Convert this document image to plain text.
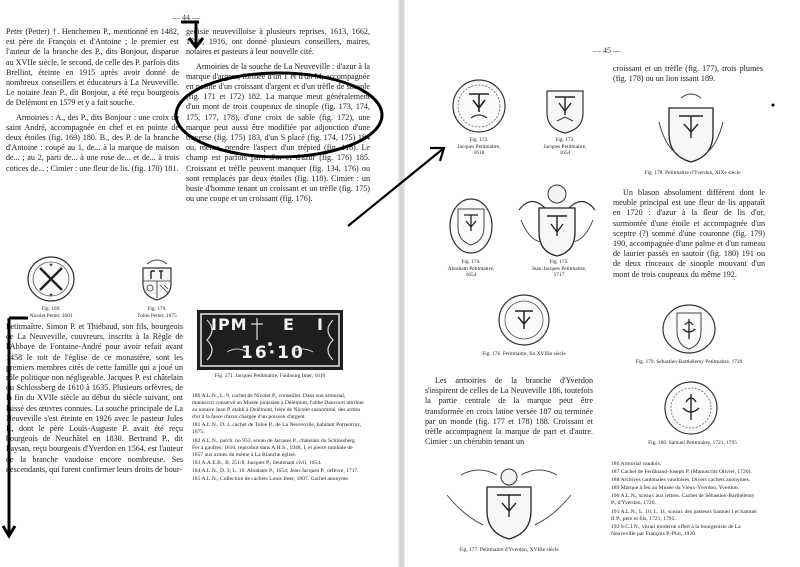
— 44 —

Peter (Petter) †. Henchemen P., mentionné en 1482, est père de François et d'Antoine ; le premier est l'auteur de la branche des P., dits Bonjour, disparue au XVIIe siècle, le second, de celle des P. parfois dits Brelliot, éteinte en 1915 après avoir donné de nombreux conseillers et éducateurs à La Neuveville. Le notaire Jean P., dit Bonjour, a été reçu bourgeois de Delémont en 1579 et y a fait souche.

Armoiries : A., des P., dits Bonjour : une croix de saint André, accompagnée en chef et en pointe de deux étoiles (fig. 169) 180. B., des P. de la branche d'Antoine : coupé au 1, de... à la marque de maison de... ; au 2, parti de... à une rose de... et de... à trois cotices de... ; Cimier : une fleur de lis. (fig. 170) 181.

geoisie neuvevilloise à plusieurs reprises, 1613, 1662, 1719, 1916, ont donné plusieurs conseillers, maires, notaires et pasteurs à leur nouvelle cité.

Armoiries de la souche de La Neuveville : d'azur à la marque d'argent, formée d'un T et d'un M, accompagnée en pointe d'un croissant d'argent et d'un trèfle de sinople (fig. 171 et 172) 182. La marque meut généralement d'un mont de trois coupeaux de sinople (fig. 173, 174, 175, 177, 178), d'une croix de sable (fig. 172), une marque peut aussi être modifiée par adjonction d'une traverse (fig. 175) 183, d'un S placé (fig. 174, 175) 184 ou, même, prendre l'aspect d'un trépied (fig. 118). Le champ est parfois parti d'or et d'azur (fig. 176) 185. Croissant et trèfle peuvent manquer (fig. 134, 176) ou sont remplacés par deux étoiles (fig. 118). Cimier : un buste d'homme tenant un croissant et un trèfle (fig. 175) ou une coupe et un croissant (fig. 176).

✦
✦
Fig. 169.
Nicolet Petter, 1601
Fig. 170.
Tobie Petter, 1675	IPM E I
16·10
Fig. 171. Jacques Petitmaitre, Faubourg Imer, 1610

Petitmaître. Simon P. et Thiébaud, son fils, bourgeois de La Neuveville, couvreurs, inscrits à la Règle de l'Abbaye de Fontaine-André pour avoir refait avant 1458 le toit de l'église de ce monastère, sont les premiers membres cités de cette famille qui a joué un rôle politique non négligeable. Jacques P. est châtelain du Schlossberg de 1610 à 1635. Plusieurs orfèvres, de la fin du XVIIe siècle au début du siècle suivant, ont laissé des œuvres connues. La souche principale de La Neuveville s'est éteinte en 1926 avec le pasteur Jules P., dont le père Louis-Auguste P. avait été reçu bourgeois de Neuchâtel en 1830. Bertrand P., dit Paysan, reçu bourgeois d'Yverdon en 1564, est l'auteur de la branche vaudoise encore nombreuse. Ses descendants, qui furent confirmer leurs droits de bour-

180 A.L.N., L. 9, cachet de Nicolet P., conseiller. Dans son armorial, manuscrit conservé au Musée jurassien à Delémont, l'abbé Daucourt attribue au notaire Jean P. établi à Delémont, frère de Nicolet susnommé, des armes d'or à la fasce d'azur chargée d'un poisson d'argent.
181 A.L.N., D. 3, cachet de Tobie P., de La Neuveville, habitant Porrentruy, 1675.
182 A.L.N., parch. no 953, sceau de Jacques P., châtelain du Schlossberg. Fer à gaufres, 1610, reproduit dans A.H.S., 1948, I, et pierre tombale de 1657 aux armes du même à La Blanche église.
183 A.A.E.B., B. 251/8, Jacques P., lieutenant civil, 1654.
184 A.L.N., D. 3; L. 10. Abraham P., 1654; Jean-Jacques P., orfèvre, 1717.
185 A.L.N., Collection de cachets Louis Imer, 1807. Cachet anonyme.
— 45 —
Fig. 172.
Jacques Petitmaitre,
1618
Fig. 173.
Jacques Petitmaitre,
1654
Fig. 174.
Abraham Petitmaitre,
1654
Fig. 175.
Jean-Jacques Petitmaitre,
1717
Fig. 176. Petitmaitre, fin XVIIIe siècle
Fig. 177. Petitmaitre d'Yverdon, XVIIIe siècle
Fig. 178. Petitmaitre d'Yverdon, XIXe siècle
Fig. 179. Sébastien-Barthélemy Petitmaitre, 1720
Fig. 180. Samuel Petitmaitre, 1721, 1795

croissant et un trèfle (fig. 177), trois plumes (fig. 178) ou un lion issant 189.

Un blason absolument différent dont le meuble principal est une fleur de lis apparaît en 1720 : d'azur à la fleur de lis d'or, surmontée d'une étoile et accompagnée d'un sceptre (?) sommé d'une couronne (fig. 179) 190, accompagnée d'une palme et d'un rameau de laurier passés en sautoir (fig. 180) 191 ou de deux rinceaux de sinople mouvant d'un mont de trois coupeaux du même 192.

Les armoiries de la branche d'Yverdon s'inspirent de celles de La Neuveville 186, toutefois la partie centrale de la marque peut être transformée en croix latine versée 187 ou terminée par un monde (fig. 177 et 178) 188. Croissant et trèfle accompagnent la marque de part et d'autre. Cimier : un chérubin tenant un

186 Armorial vaudois.
187 Cachet de Ferdinand-Joseph P. (Manuscrits Olivier, 1720).
188 Archives cantonales vaudoises. Divers cachets anonymes.
189 Marque à feu au Musée du Vieux-Yverdon, Yverdon.
190 A.L.N., sceaux aux lettres. Cachet de Sébastien-Barthélemy P., d'Yverdon, 1720.
191 A.L.N., L. 10, L. 11, sceaux des pasteurs Samuel I et Samuel II P., père et fils, 1721, 1795.
192 S.C.I.N., vitrail moderne offert à la bourgeoisie de La Neuveville par François P.-Piot, 1920.
